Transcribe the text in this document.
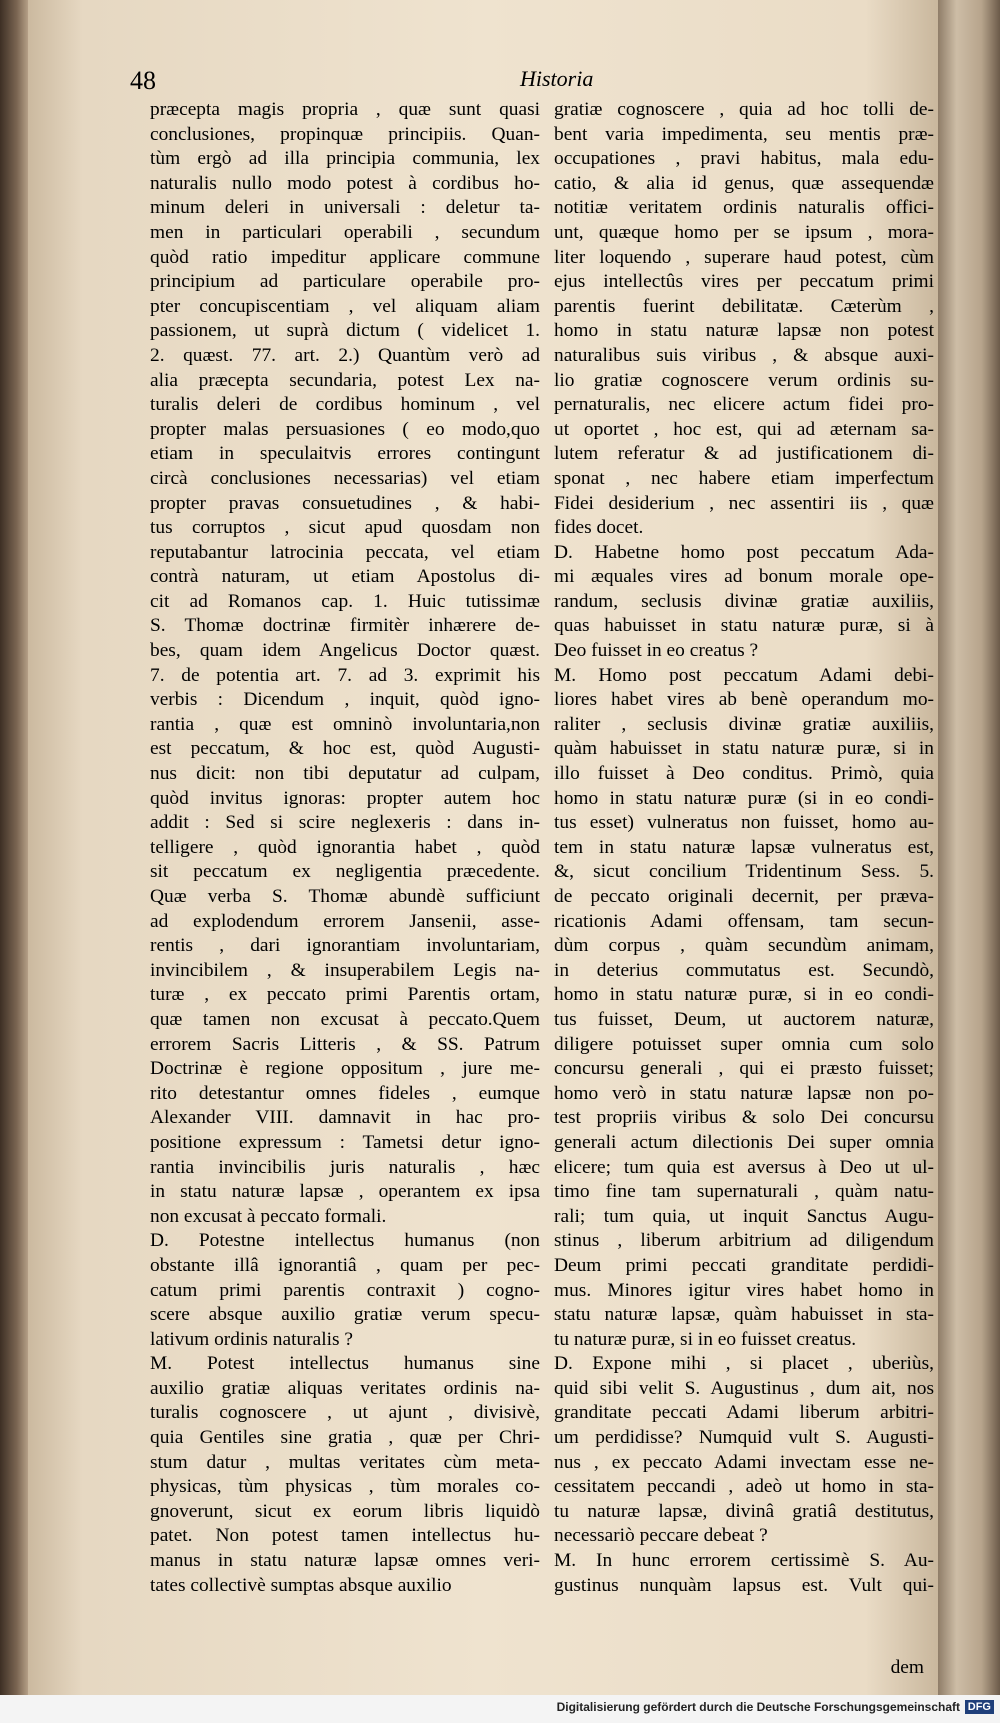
48	Historia
præcepta magis propria , quæ sunt quasi
conclusiones, propinquæ principiis. Quan-
tùm ergò ad illa principia communia, lex
naturalis nullo modo potest à cordibus ho-
minum deleri in universali : deletur ta-
men in particulari operabili , secundum
quòd ratio impeditur applicare commune
principium ad particulare operabile pro-
pter concupiscentiam , vel aliquam aliam
passionem, ut suprà dictum ( videlicet 1.
2. quæst. 77. art. 2.) Quantùm verò ad
alia præcepta secundaria, potest Lex na-
turalis deleri de cordibus hominum , vel
propter malas persuasiones ( eo modo,quo
etiam in speculaitvis errores contingunt
circà conclusiones necessarias) vel etiam
propter pravas consuetudines , & habi-
tus corruptos , sicut apud quosdam non
reputabantur latrocinia peccata, vel etiam
contrà naturam, ut etiam Apostolus di-
cit ad Romanos cap. 1. Huic tutissimæ
S. Thomæ doctrinæ firmitèr inhærere de-
bes, quam idem Angelicus Doctor quæst.
7. de potentia art. 7. ad 3. exprimit his
verbis : Dicendum , inquit, quòd igno-
rantia , quæ est omninò involuntaria,non
est peccatum, & hoc est, quòd Augusti-
nus dicit: non tibi deputatur ad culpam,
quòd invitus ignoras: propter autem hoc
addit : Sed si scire neglexeris : dans in-
telligere , quòd ignorantia habet , quòd
sit peccatum ex negligentia præcedente.
Quæ verba S. Thomæ abundè sufficiunt
ad explodendum errorem Jansenii, asse-
rentis , dari ignorantiam involuntariam,
invincibilem , & insuperabilem Legis na-
turæ , ex peccato primi Parentis ortam,
quæ tamen non excusat à peccato.Quem
errorem Sacris Litteris , & SS. Patrum
Doctrinæ è regione oppositum , jure me-
rito detestantur omnes fideles , eumque
Alexander VIII. damnavit in hac pro-
positione expressum : Tametsi detur igno-
rantia invincibilis juris naturalis , hæc
in statu naturæ lapsæ , operantem ex ipsa
non excusat à peccato formali.
D. Potestne intellectus humanus (non
obstante illâ ignorantiâ , quam per pec-
catum primi parentis contraxit ) cogno-
scere absque auxilio gratiæ verum specu-
lativum ordinis naturalis ?
M. Potest intellectus humanus sine
auxilio gratiæ aliquas veritates ordinis na-
turalis cognoscere , ut ajunt , divisivè,
quia Gentiles sine gratia , quæ per Chri-
stum datur , multas veritates cùm meta-
physicas, tùm physicas , tùm morales co-
gnoverunt, sicut ex eorum libris liquidò
patet. Non potest tamen intellectus hu-
manus in statu naturæ lapsæ omnes veri-
tates collectivè sumptas absque auxilio
gratiæ cognoscere , quia ad hoc tolli de-
bent varia impedimenta, seu mentis præ-
occupationes , pravi habitus, mala edu-
catio, & alia id genus, quæ assequendæ
notitiæ veritatem ordinis naturalis offici-
unt, quæque homo per se ipsum , mora-
liter loquendo , superare haud potest, cùm
ejus intellectûs vires per peccatum primi
parentis fuerint debilitatæ. Cæterùm ,
homo in statu naturæ lapsæ non potest
naturalibus suis viribus , & absque auxi-
lio gratiæ cognoscere verum ordinis su-
pernaturalis, nec elicere actum fidei pro-
ut oportet , hoc est, qui ad æternam sa-
lutem referatur & ad justificationem di-
sponat , nec habere etiam imperfectum
Fidei desiderium , nec assentiri iis , quæ
fides docet.
D. Habetne homo post peccatum Ada-
mi æquales vires ad bonum morale ope-
randum, seclusis divinæ gratiæ auxiliis,
quas habuisset in statu naturæ puræ, si à
Deo fuisset in eo creatus ?
M. Homo post peccatum Adami debi-
liores habet vires ab benè operandum mo-
raliter , seclusis divinæ gratiæ auxiliis,
quàm habuisset in statu naturæ puræ, si in
illo fuisset à Deo conditus. Primò, quia
homo in statu naturæ puræ (si in eo condi-
tus esset) vulneratus non fuisset, homo au-
tem in statu naturæ lapsæ vulneratus est,
&, sicut concilium Tridentinum Sess. 5.
de peccato originali decernit, per præva-
ricationis Adami offensam, tam secun-
dùm corpus , quàm secundùm animam,
in deterius commutatus est. Secundò,
homo in statu naturæ puræ, si in eo condi-
tus fuisset, Deum, ut auctorem naturæ,
diligere potuisset super omnia cum solo
concursu generali , qui ei præsto fuisset;
homo verò in statu naturæ lapsæ non po-
test propriis viribus & solo Dei concursu
generali actum dilectionis Dei super omnia
elicere; tum quia est aversus à Deo ut ul-
timo fine tam supernaturali , quàm natu-
rali; tum quia, ut inquit Sanctus Augu-
stinus , liberum arbitrium ad diligendum
Deum primi peccati granditate perdidi-
mus. Minores igitur vires habet homo in
statu naturæ lapsæ, quàm habuisset in sta-
tu naturæ puræ, si in eo fuisset creatus.
D. Expone mihi , si placet , uberiùs,
quid sibi velit S. Augustinus , dum ait, nos
granditate peccati Adami liberum arbitri-
um perdidisse? Numquid vult S. Augusti-
nus , ex peccato Adami invectam esse ne-
cessitatem peccandi , adeò ut homo in sta-
tu naturæ lapsæ, divinâ gratiâ destitutus,
necessariò peccare debeat ?
M. In hunc errorem certissimè S. Au-
gustinus nunquàm lapsus est. Vult qui-
dem
Digitalisierung gefördert durch die Deutsche Forschungsgemeinschaft DFG
